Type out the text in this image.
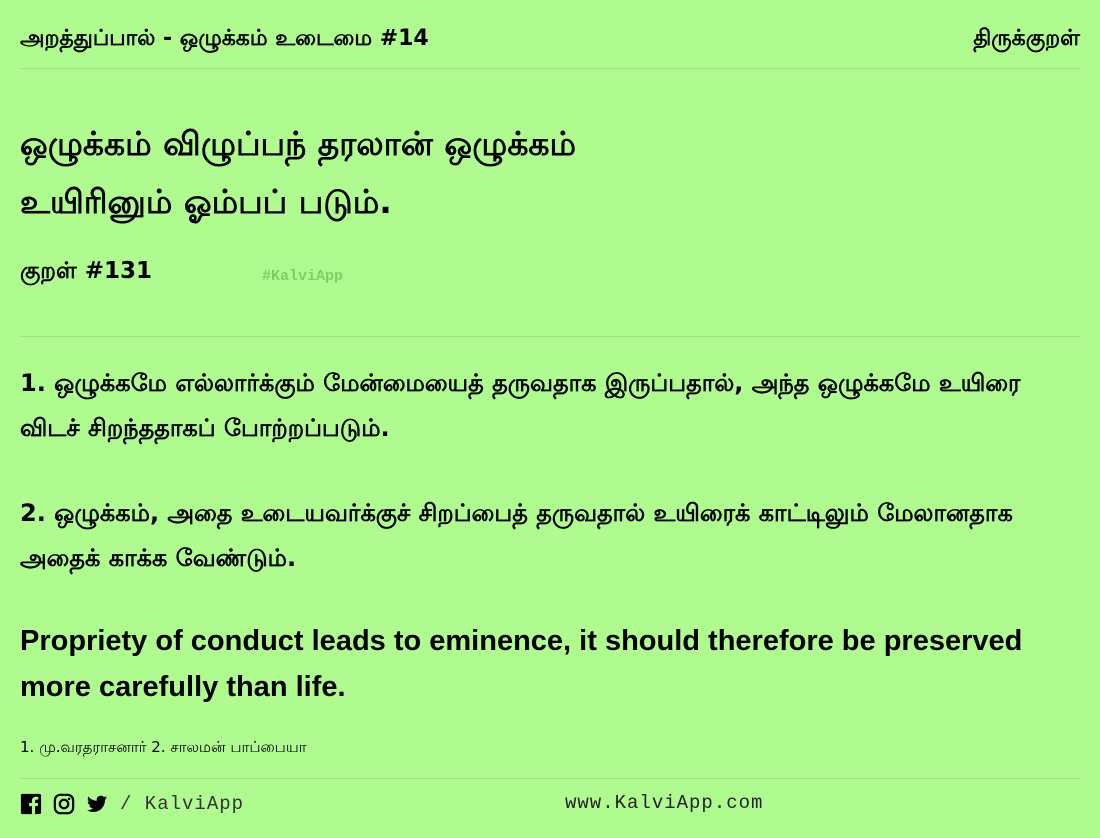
அறத்துப்பால் - ஒழுக்கம் உடைமை #14	திருக்குறள்
ஒழுக்கம் விழுப்பந் தரலான் ஒழுக்கம்
உயிரினும் ஓம்பப் படும்.
குறள் #131	#KalviApp

1. ஒழுக்கமே எல்லார்க்கும் மேன்மையைத் தருவதாக இருப்பதால், அந்த ஒழுக்கமே உயிரை விடச் சிறந்ததாகப் போற்றப்படும்.

2. ஒழுக்கம், அதை உடையவர்க்குச் சிறப்பைத் தருவதால் உயிரைக் காட்டிலும் மேலானதாக அதைக் காக்க வேண்டும்.

Propriety of conduct leads to eminence, it should therefore be preserved more carefully than life.
1. மு.வரதராசனார் 2. சாலமன் பாப்பையா
/ KalviApp	www.KalviApp.com
